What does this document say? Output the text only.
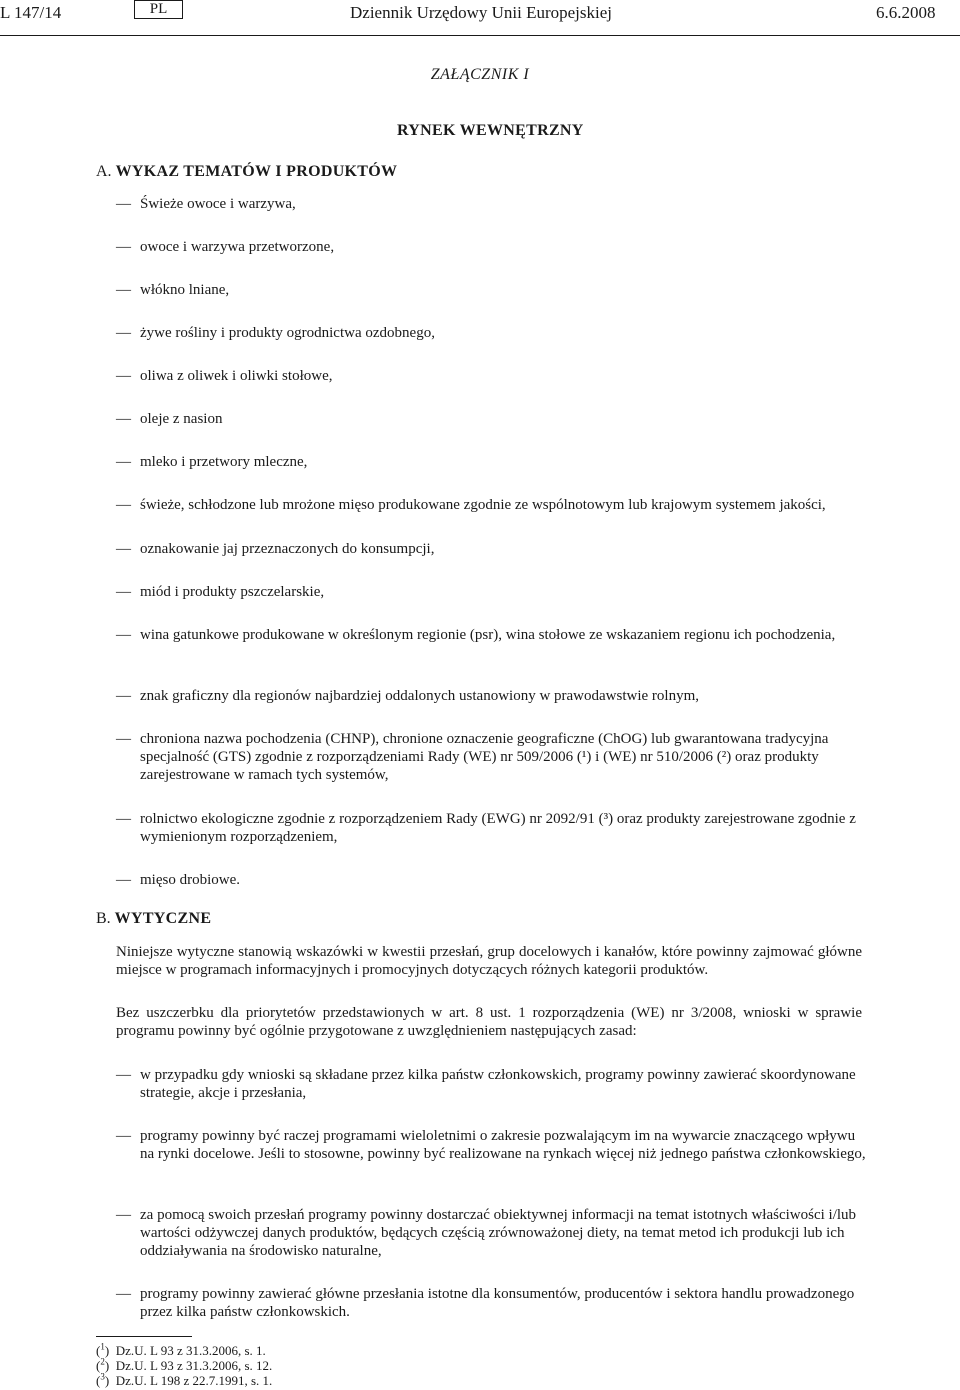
L 147/14	PL	Dziennik Urzędowy Unii Europejskiej	6.6.2008
ZAŁĄCZNIK I
RYNEK WEWNĘTRZNY
A. WYKAZ TEMATÓW I PRODUKTÓW
— Świeże owoce i warzywa,
— owoce i warzywa przetworzone,
— włókno lniane,
— żywe rośliny i produkty ogrodnictwa ozdobnego,
— oliwa z oliwek i oliwki stołowe,
— oleje z nasion
— mleko i przetwory mleczne,
— świeże, schłodzone lub mrożone mięso produkowane zgodnie ze wspólnotowym lub krajowym systemem jakości,
— oznakowanie jaj przeznaczonych do konsumpcji,
— miód i produkty pszczelarskie,
— wina gatunkowe produkowane w określonym regionie (psr), wina stołowe ze wskazaniem regionu ich pochodzenia,
— znak graficzny dla regionów najbardziej oddalonych ustanowiony w prawodawstwie rolnym,
— chroniona nazwa pochodzenia (CHNP), chronione oznaczenie geograficzne (ChOG) lub gwarantowana tradycyjna specjalność (GTS) zgodnie z rozporządzeniami Rady (WE) nr 509/2006 (¹) i (WE) nr 510/2006 (²) oraz produkty zarejestrowane w ramach tych systemów,
— rolnictwo ekologiczne zgodnie z rozporządzeniem Rady (EWG) nr 2092/91 (³) oraz produkty zarejestrowane zgodnie z wymienionym rozporządzeniem,
— mięso drobiowe.
B. WYTYCZNE
Niniejsze wytyczne stanowią wskazówki w kwestii przesłań, grup docelowych i kanałów, które powinny zajmować główne miejsce w programach informacyjnych i promocyjnych dotyczących różnych kategorii produktów.
Bez uszczerbku dla priorytetów przedstawionych w art. 8 ust. 1 rozporządzenia (WE) nr 3/2008, wnioski w sprawie programu powinny być ogólnie przygotowane z uwzględnieniem następujących zasad:
— w przypadku gdy wnioski są składane przez kilka państw członkowskich, programy powinny zawierać skoordynowane strategie, akcje i przesłania,
— programy powinny być raczej programami wieloletnimi o zakresie pozwalającym im na wywarcie znaczącego wpływu na rynki docelowe. Jeśli to stosowne, powinny być realizowane na rynkach więcej niż jednego państwa członkowskiego,
— za pomocą swoich przesłań programy powinny dostarczać obiektywnej informacji na temat istotnych właściwości i/lub wartości odżywczej danych produktów, będących częścią zrównoważonej diety, na temat metod ich produkcji lub ich oddziaływania na środowisko naturalne,
— programy powinny zawierać główne przesłania istotne dla konsumentów, producentów i sektora handlu prowadzonego przez kilka państw członkowskich.
($^1$)  Dz.U. L 93 z 31.3.2006, s. 1.
($^2$)  Dz.U. L 93 z 31.3.2006, s. 12.
($^3$)  Dz.U. L 198 z 22.7.1991, s. 1.
